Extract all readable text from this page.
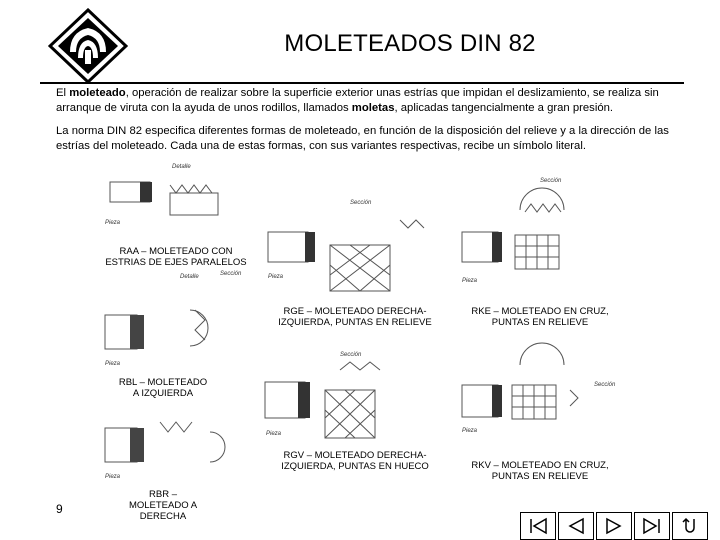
MOLETEADOS DIN 82
El moleteado, operación de realizar sobre la superficie exterior unas estrías que impidan el deslizamiento, se realiza sin arranque de viruta con la ayuda de unos rodillos, llamados moletas, aplicadas tangencialmente a gran presión.
La norma DIN 82 especifica diferentes formas de moleteado, en función de la disposición del relieve y a la dirección de las estrías del moleteado. Cada una de estas formas, con sus variantes respectivas, recibe un símbolo literal.
Detalle
Pieza
Detalle	Sección
Pieza
Pieza
Sección
Pieza
Sección
Pieza
Sección
Pieza
Sección
Pieza
RAA – MOLETEADO CON ESTRIAS DE EJES PARALELOS
RBL – MOLETEADO A IZQUIERDA
RBR – MOLETEADO A DERECHA
RGE – MOLETEADO DERECHA-IZQUIERDA, PUNTAS EN RELIEVE
RGV – MOLETEADO DERECHA-IZQUIERDA, PUNTAS EN HUECO
RKE – MOLETEADO EN CRUZ, PUNTAS EN RELIEVE
RKV – MOLETEADO EN CRUZ, PUNTAS EN RELIEVE
9
